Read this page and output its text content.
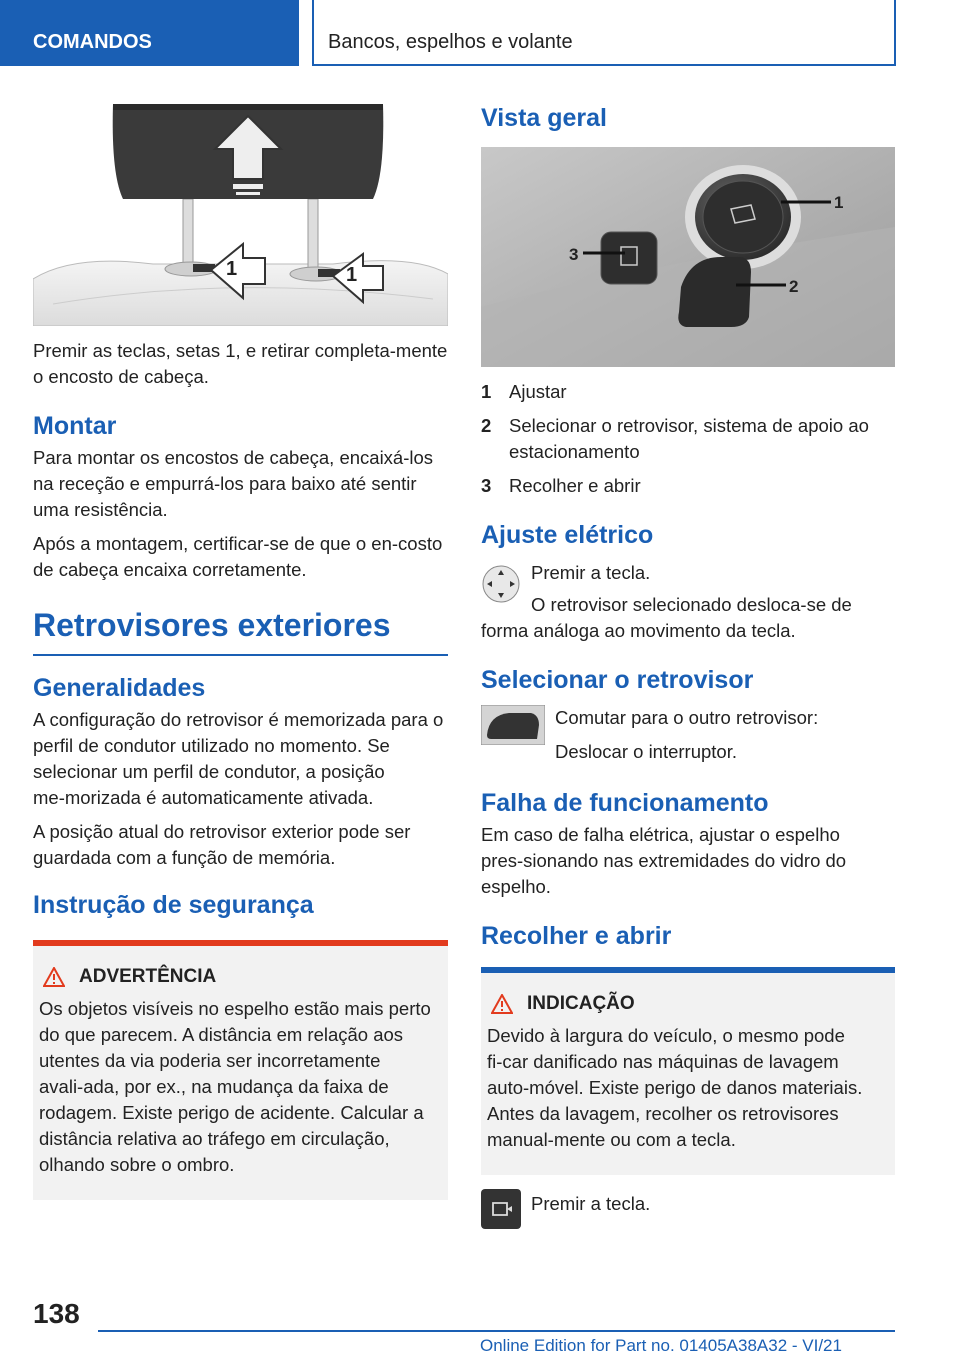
COMANDOS	Bancos, espelhos e volante
1	1

Premir as teclas, setas 1, e retirar completa‑mente o encosto de cabeça.

Montar

Para montar os encostos de cabeça, encaixá‑los na receção e empurrá‑los para baixo até sentir uma resistência.

Após a montagem, certificar‑se de que o en‑costo de cabeça encaixa corretamente.

Retrovisores exteriores
Generalidades

A configuração do retrovisor é memorizada para o perfil de condutor utilizado no momento. Se selecionar um perfil de condutor, a posição me‑morizada é automaticamente ativada.

A posição atual do retrovisor exterior pode ser guardada com a função de memória.

Instrução de segurança
ADVERTÊNCIA
Os objetos visíveis no espelho estão mais perto do que parecem. A distância em relação aos utentes da via poderia ser incorretamente avali‑ada, por ex., na mudança da faixa de rodagem. Existe perigo de acidente. Calcular a distância relativa ao tráfego em circulação, olhando sobre o ombro.
Vista geral
1
2
3
1 Ajustar
2 Selecionar o retrovisor, sistema de apoio ao estacionamento
3 Recolher e abrir
Ajuste elétrico

Premir a tecla.

O retrovisor selecionado desloca‑se de forma análoga ao movimento da tecla.

Selecionar o retrovisor

Comutar para o outro retrovisor:

Deslocar o interruptor.

Falha de funcionamento

Em caso de falha elétrica, ajustar o espelho pres‑sionando nas extremidades do vidro do espelho.

Recolher e abrir
INDICAÇÃO
Devido à largura do veículo, o mesmo pode fi‑car danificado nas máquinas de lavagem auto‑móvel. Existe perigo de danos materiais. Antes da lavagem, recolher os retrovisores manual‑mente ou com a tecla.

Premir a tecla.

138
Online Edition for Part no. 01405A38A32 - VI/21
